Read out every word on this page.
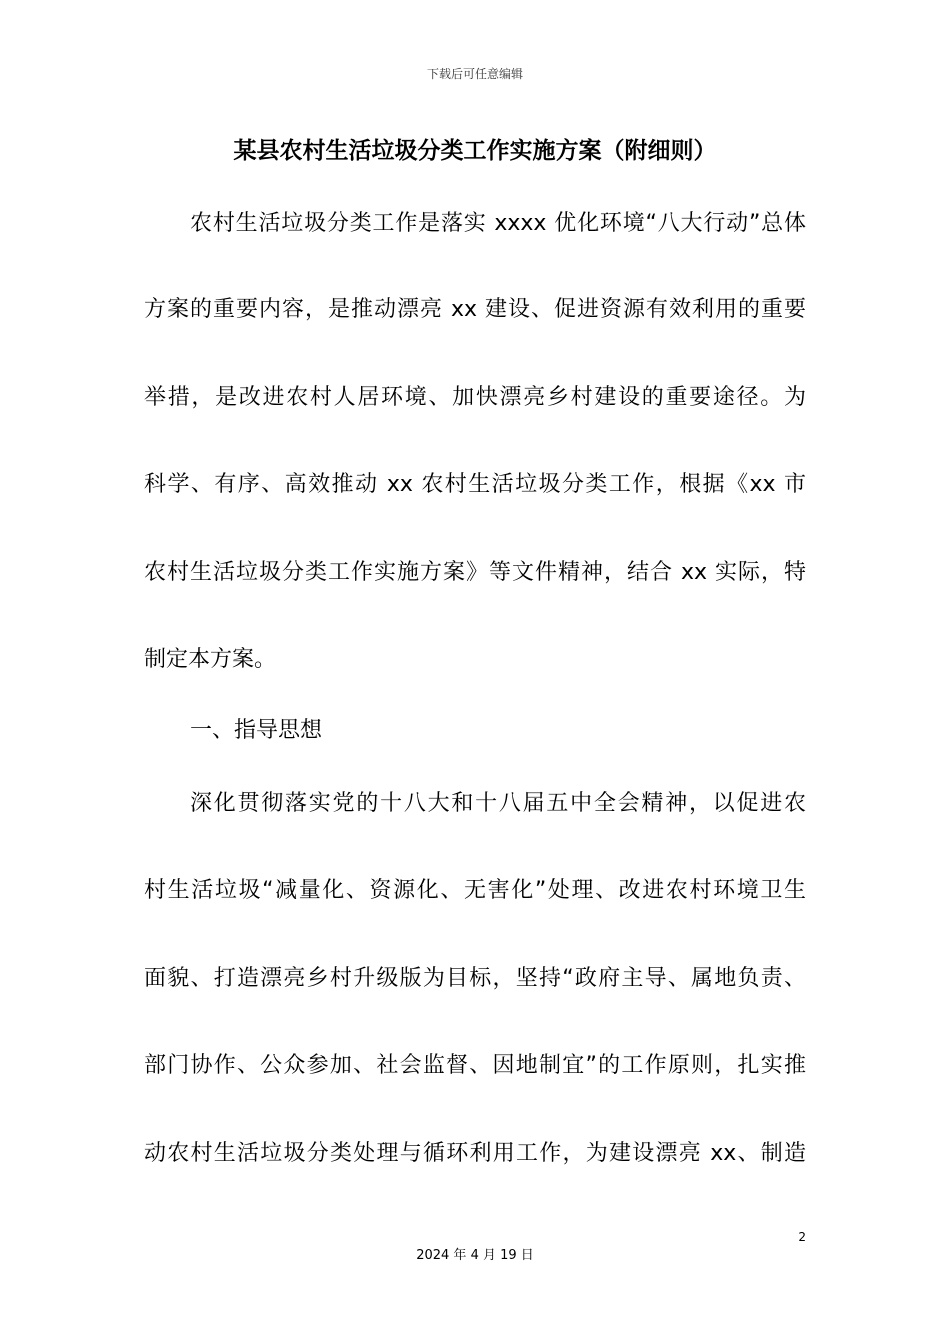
下载后可任意编辑
某县农村生活垃圾分类工作实施方案（附细则）

农村生活垃圾分类工作是落实 xxxx 优化环境“八大行动”总体

方案的重要内容，是推动漂亮 xx 建设、促进资源有效利用的重要

举措，是改进农村人居环境、加快漂亮乡村建设的重要途径。为

科学、有序、高效推动 xx 农村生活垃圾分类工作，根据《xx 市

农村生活垃圾分类工作实施方案》等文件精神，结合 xx 实际，特

制定本方案。

一、指导思想

深化贯彻落实党的十八大和十八届五中全会精神，以促进农

村生活垃圾“减量化、资源化、无害化”处理、改进农村环境卫生

面貌、打造漂亮乡村升级版为目标，坚持“政府主导、属地负责、

部门协作、公众参加、社会监督、因地制宜”的工作原则，扎实推

动农村生活垃圾分类处理与循环利用工作，为建设漂亮 xx、制造

2
2024 年 4 月 19 日
